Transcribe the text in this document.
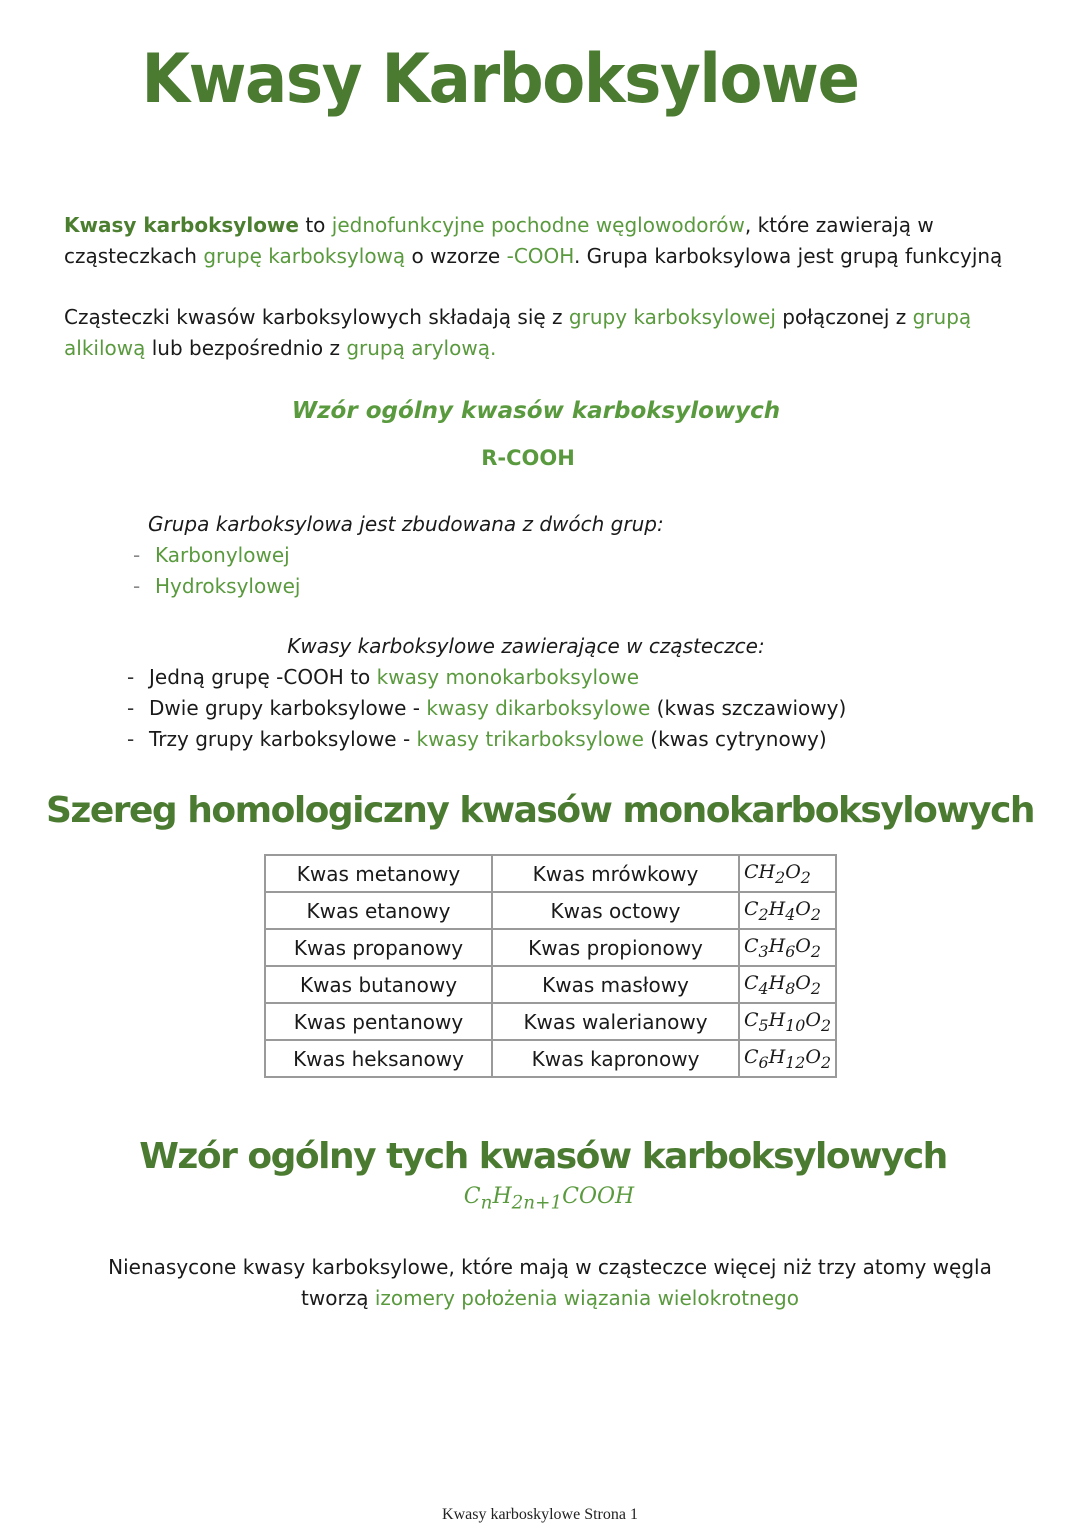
Kwasy Karboksylowe

Kwasy karboksylowe to jednofunkcyjne pochodne węglowodorów, które zawierają w cząsteczkach grupę karboksylową o wzorze -COOH. Grupa karboksylowa jest grupą funkcyjną

Cząsteczki kwasów karboksylowych składają się z grupy karboksylowej połączonej z grupą alkilową lub bezpośrednio z grupą arylową.

Wzór ogólny kwasów karboksylowych
R-COOH
Grupa karboksylowa jest zbudowana z dwóch grup:
- Karbonylowej
- Hydroksylowej
Kwasy karboksylowe zawierające w cząsteczce:
- Jedną grupę -COOH to kwasy monokarboksylowe
- Dwie grupy karboksylowe - kwasy dikarboksylowe (kwas szczawiowy)
- Trzy grupy karboksylowe - kwasy trikarboksylowe (kwas cytrynowy)
Szereg homologiczny kwasów monokarboksylowych
Kwas metanowy	Kwas mrówkowy	$CH_2O_2$
Kwas etanowy	Kwas octowy	$C_2H_4O_2$
Kwas propanowy	Kwas propionowy	$C_3H_6O_2$
Kwas butanowy	Kwas masłowy	$C_4H_8O_2$
Kwas pentanowy	Kwas walerianowy	$C_5H_{10}O_2$
Kwas heksanowy	Kwas kapronowy	$C_6H_{12}O_2$
Wzór ogólny tych kwasów karboksylowych
$C_nH_{2n+1}COOH$

Nienasycone kwasy karboksylowe, które mają w cząsteczce więcej niż trzy atomy węgla tworzą izomery położenia wiązania wielokrotnego

Kwasy karboskylowe Strona 1
